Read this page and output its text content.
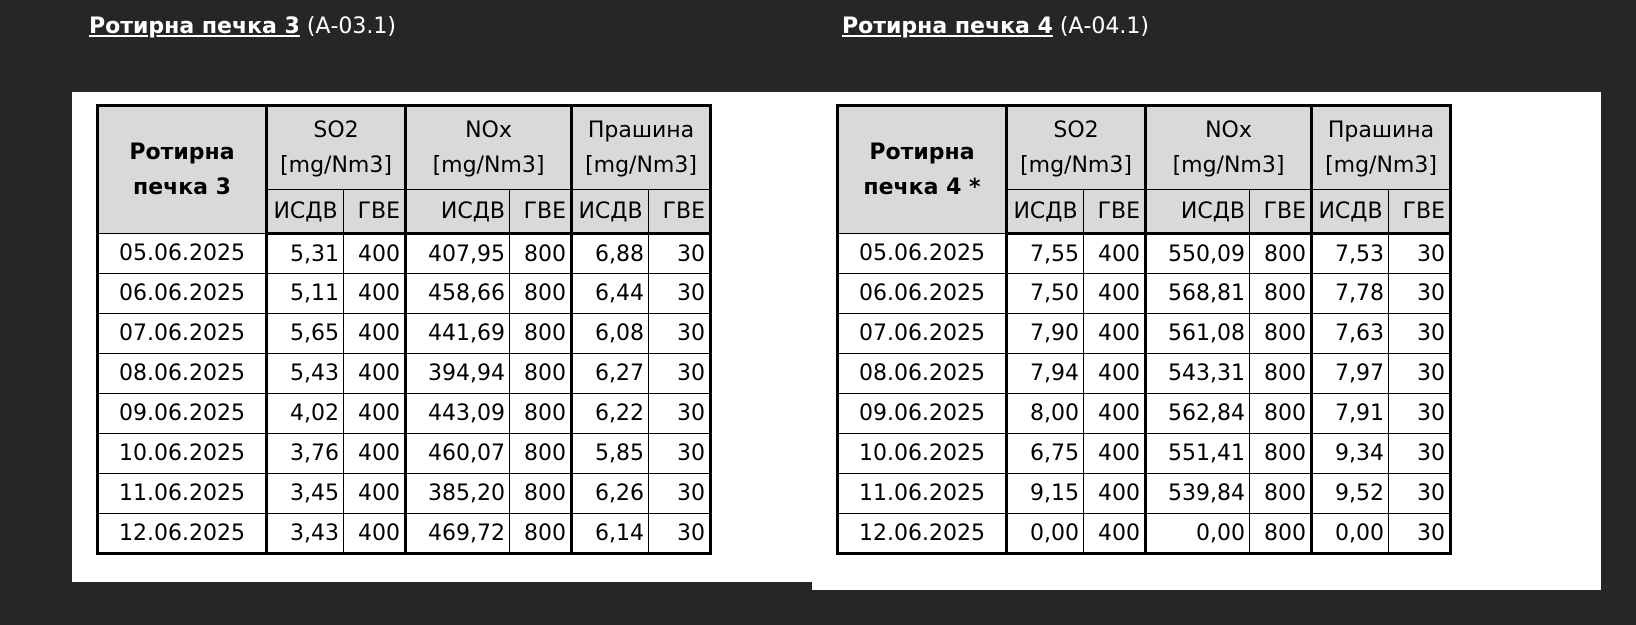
Ротирна печка 3 (А-03.1)	Ротирна печка 4 (А-04.1)
Ротирна печка 3	SO2 [mg/Nm3]		NOx [mg/Nm3]		Прашина [mg/Nm3]	
	ИСДВ	ГВЕ	ИСДВ	ГВЕ	ИСДВ	ГВЕ
05.06.2025	5,31	400	407,95	800	6,88	30
06.06.2025	5,11	400	458,66	800	6,44	30
07.06.2025	5,65	400	441,69	800	6,08	30
08.06.2025	5,43	400	394,94	800	6,27	30
09.06.2025	4,02	400	443,09	800	6,22	30
10.06.2025	3,76	400	460,07	800	5,85	30
11.06.2025	3,45	400	385,20	800	6,26	30
12.06.2025	3,43	400	469,72	800	6,14	30
Ротирна печка 4 *	SO2 [mg/Nm3]		NOx [mg/Nm3]		Прашина [mg/Nm3]	
	ИСДВ	ГВЕ	ИСДВ	ГВЕ	ИСДВ	ГВЕ
05.06.2025	7,55	400	550,09	800	7,53	30
06.06.2025	7,50	400	568,81	800	7,78	30
07.06.2025	7,90	400	561,08	800	7,63	30
08.06.2025	7,94	400	543,31	800	7,97	30
09.06.2025	8,00	400	562,84	800	7,91	30
10.06.2025	6,75	400	551,41	800	9,34	30
11.06.2025	9,15	400	539,84	800	9,52	30
12.06.2025	0,00	400	0,00	800	0,00	30
